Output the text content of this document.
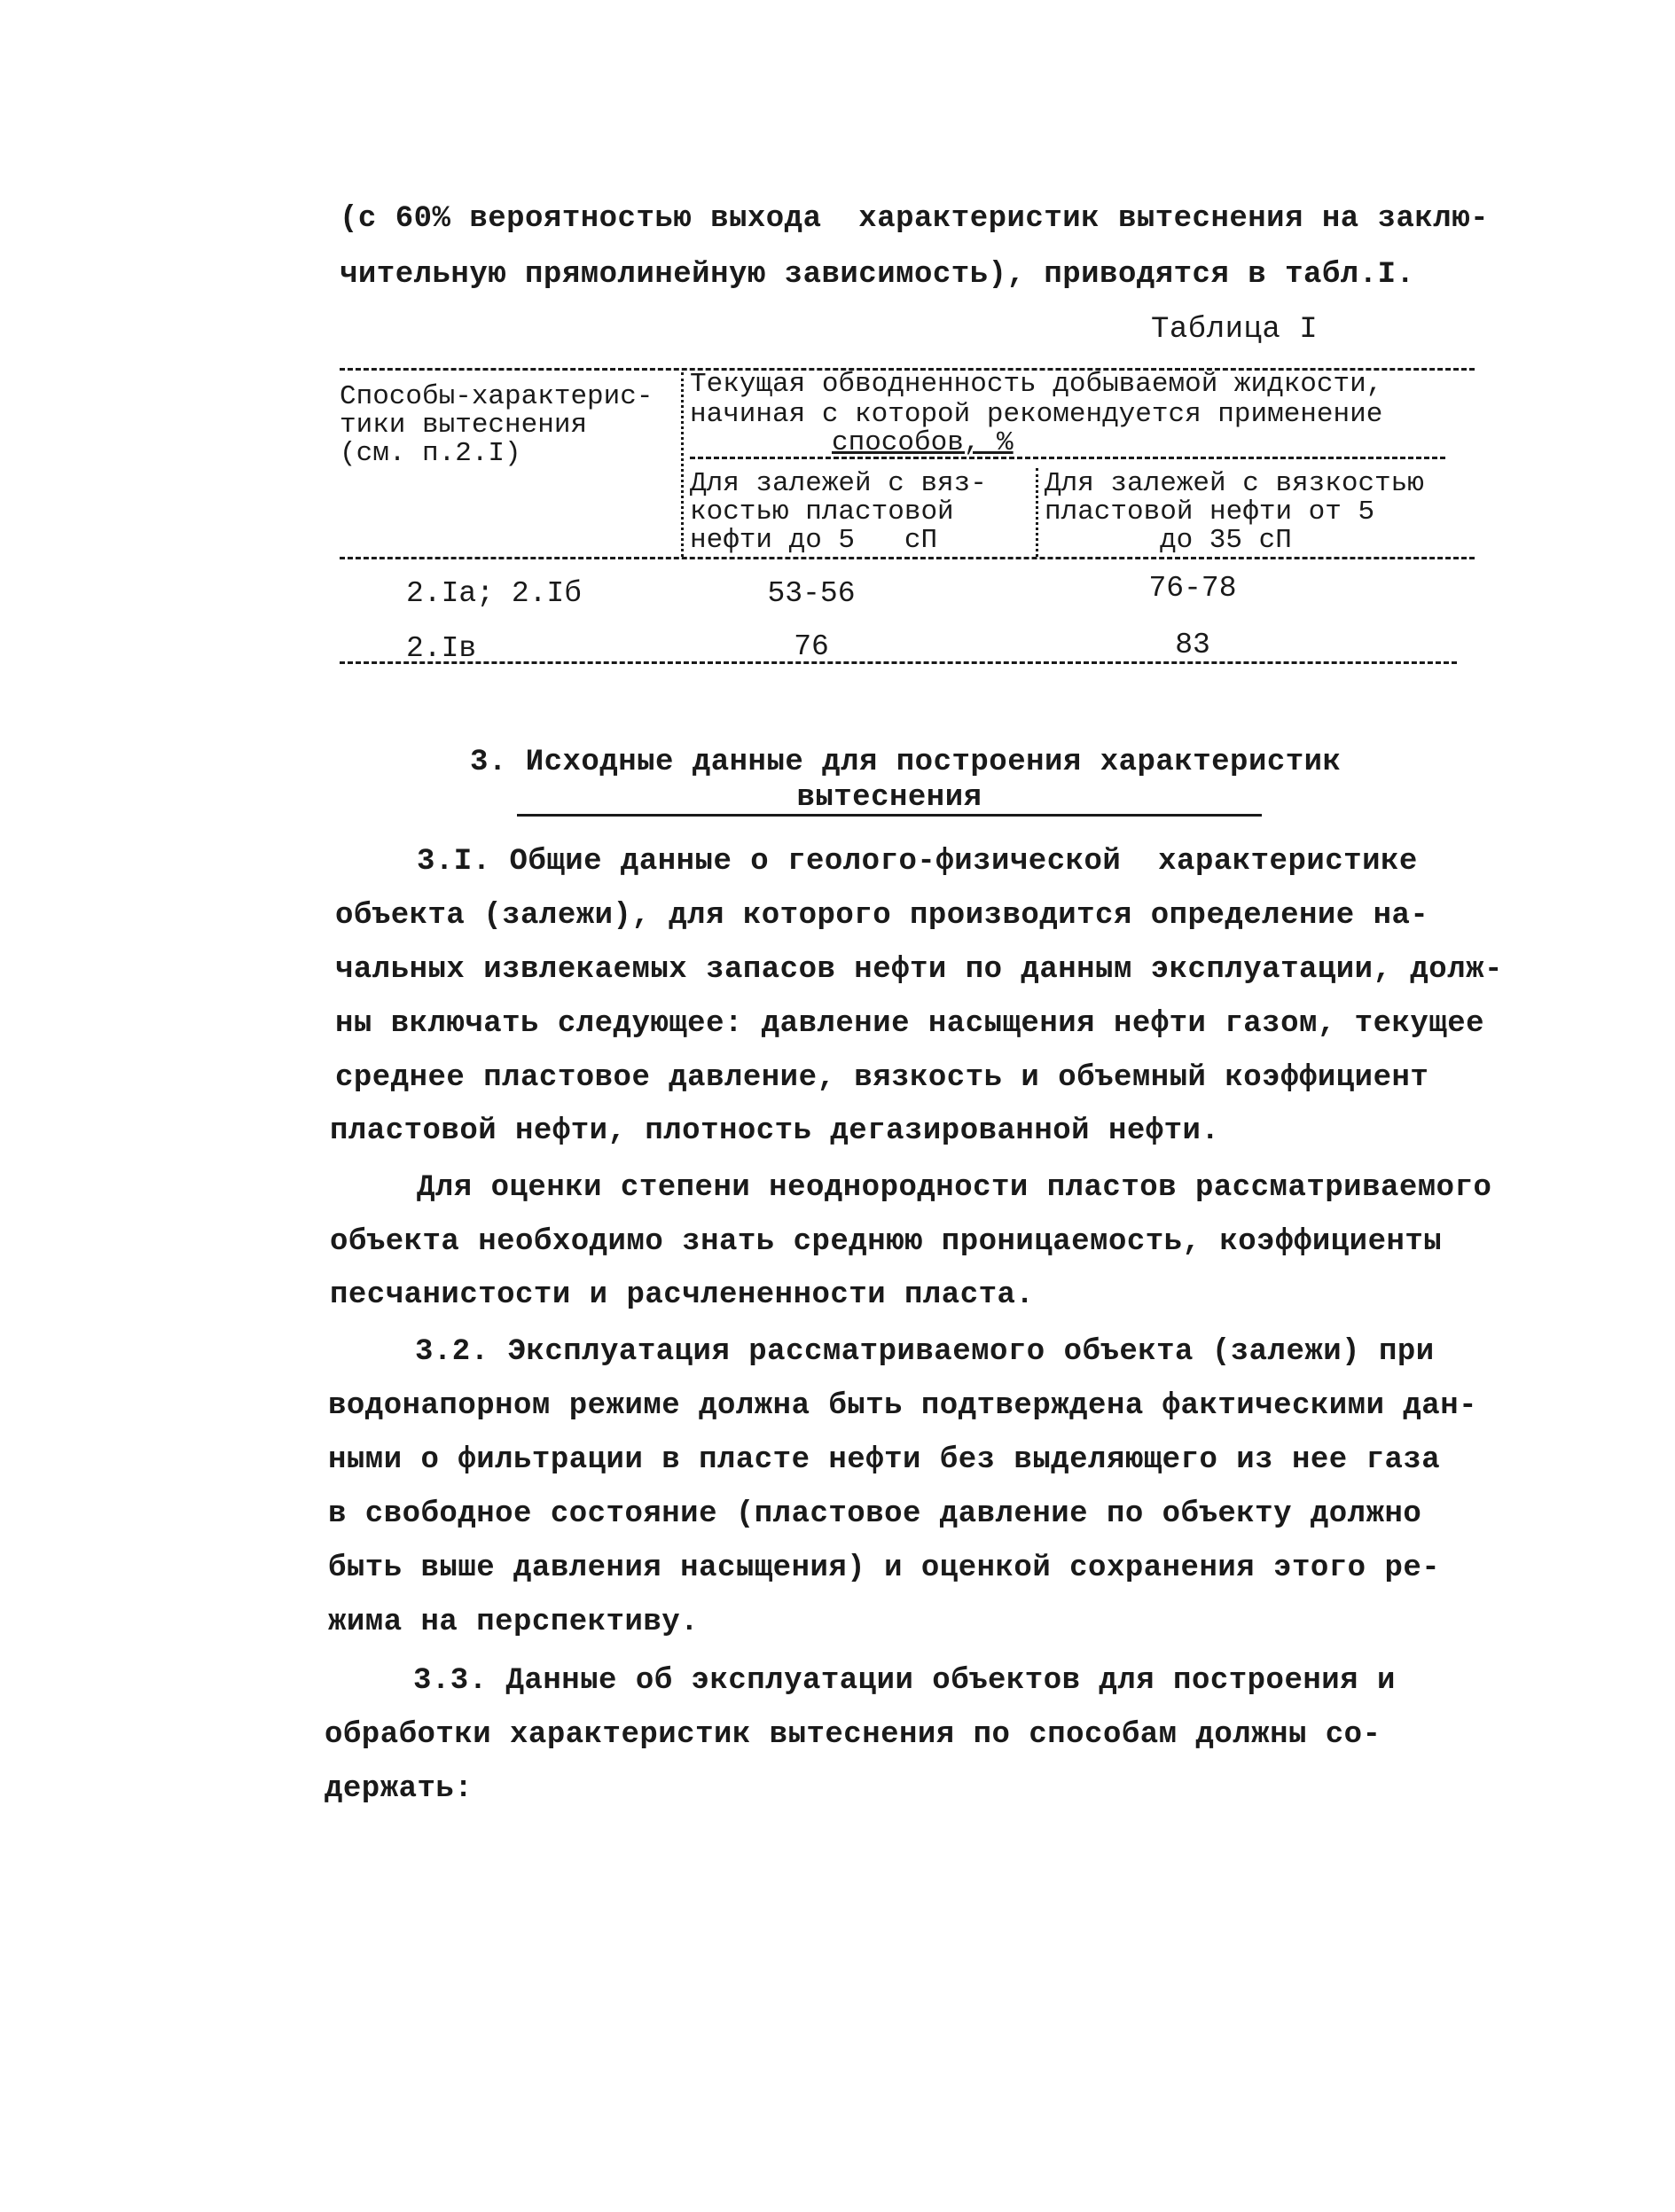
(с 60% вероятностью выхода  характеристик вытеснения на заклю-
чительную прямолинейную зависимость), приводятся в табл.I.
Таблица I
Способы-характерис-
тики вытеснения
(см. п.2.I)
Текущая обводненность добываемой жидкости,
начиная с которой рекомендуется применение
способов, %
Для залежей с вяз-
костью пластовой
нефти до 5   сП
Для залежей с вязкостью
пластовой нефти от 5
до 35 сП
2.Iа; 2.Iб	53-56	76-78
2.Iв	76	83
3. Исходные данные для построения характеристик
вытеснения
3.I. Общие данные о геолого-физической  характеристике
объекта (залежи), для которого производится определение на-
чальных извлекаемых запасов нефти по данным эксплуатации, долж-
ны включать следующее: давление насыщения нефти газом, текущее
среднее пластовое давление, вязкость и объемный коэффициент
пластовой нефти, плотность дегазированной нефти.
Для оценки степени неоднородности пластов рассматриваемого
объекта необходимо знать среднюю проницаемость, коэффициенты
песчанистости и расчлененности пласта.
3.2. Эксплуатация рассматриваемого объекта (залежи) при
водонапорном режиме должна быть подтверждена фактическими дан-
ными о фильтрации в пласте нефти без выделяющего из нее газа
в свободное состояние (пластовое давление по объекту должно
быть выше давления насыщения) и оценкой сохранения этого ре-
жима на перспективу.
3.3. Данные об эксплуатации объектов для построения и
обработки характеристик вытеснения по способам должны со-
держать:
